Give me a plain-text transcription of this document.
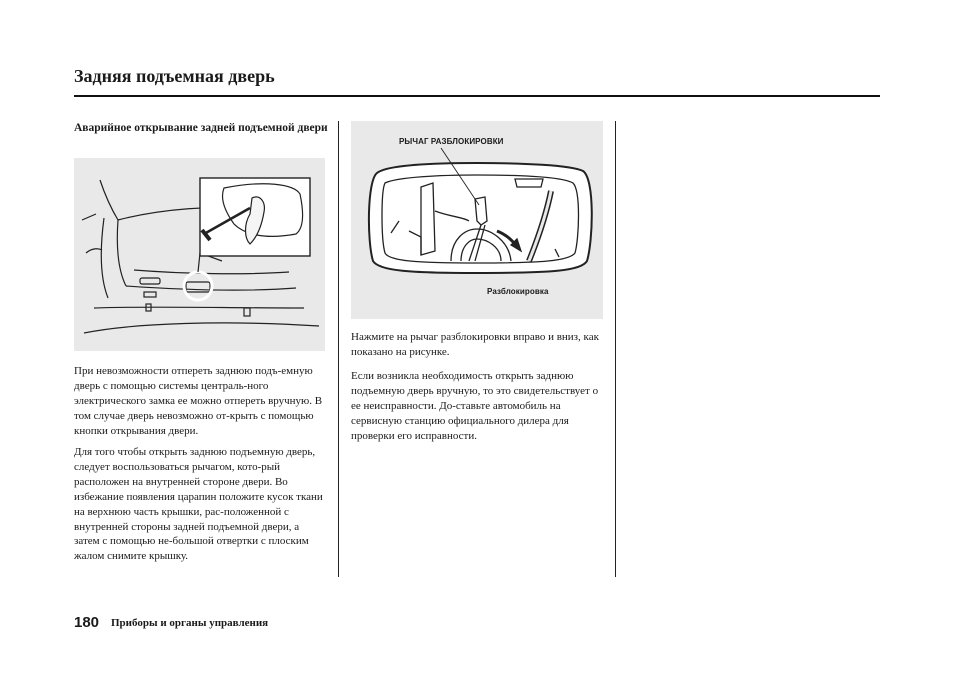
Задняя подъемная дверь
Аварийное открывание задней подъемной двери

При невозможности отпереть заднюю подъ-емную дверь с помощью системы централь-ного электрического замка ее можно отпереть вручную. В том случае дверь невозможно от-крыть с помощью кнопки открывания двери.

Для того чтобы открыть заднюю подъемную дверь, следует воспользоваться рычагом, кото-рый расположен на внутренней стороне двери. Во избежание появления царапин положите кусок ткани на верхнюю часть крышки, рас-положенной с внутренней стороны задней подъемной двери, а затем с помощью не-большой отвертки с плоским жалом снимите крышку.

РЫЧАГ РАЗБЛОКИРОВКИ
Разблокировка

Нажмите на рычаг разблокировки вправо и вниз, как показано на рисунке.

Если возникла необходимость открыть заднюю подъемную дверь вручную, то это свидетельствует о ее неисправности. До-ставьте автомобиль на сервисную станцию официального дилера для проверки его исправности.

180 Приборы и органы управления
